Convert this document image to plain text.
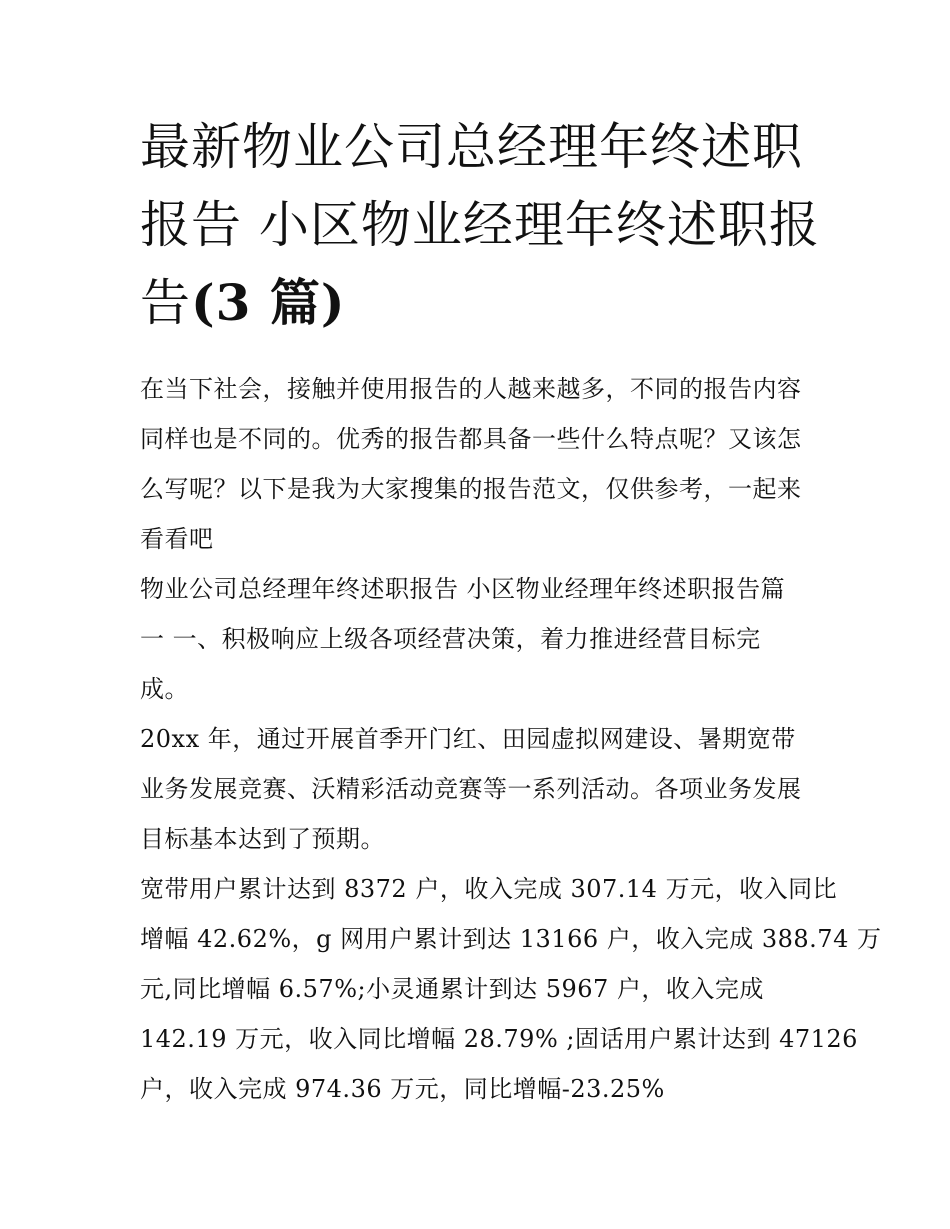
最新物业公司总经理年终述职
报告 小区物业经理年终述职报
告(3 篇)

在当下社会，接触并使用报告的人越来越多，不同的报告内容
同样也是不同的。优秀的报告都具备一些什么特点呢？又该怎
么写呢？以下是我为大家搜集的报告范文，仅供参考，一起来
看看吧

物业公司总经理年终述职报告 小区物业经理年终述职报告篇
一 一、积极响应上级各项经营决策，着力推进经营目标完
成。

20xx 年，通过开展首季开门红、田园虚拟网建设、暑期宽带
业务发展竞赛、沃精彩活动竞赛等一系列活动。各项业务发展
目标基本达到了预期。

宽带用户累计达到 8372 户，收入完成 307.14 万元，收入同比
增幅 42.62%，g 网用户累计到达 13166 户，收入完成 388.74 万
元,同比增幅 6.57%;小灵通累计到达 5967 户，收入完成
142.19 万元，收入同比增幅 28.79% ;固话用户累计达到 47126
户，收入完成 974.36 万元，同比增幅-23.25%
